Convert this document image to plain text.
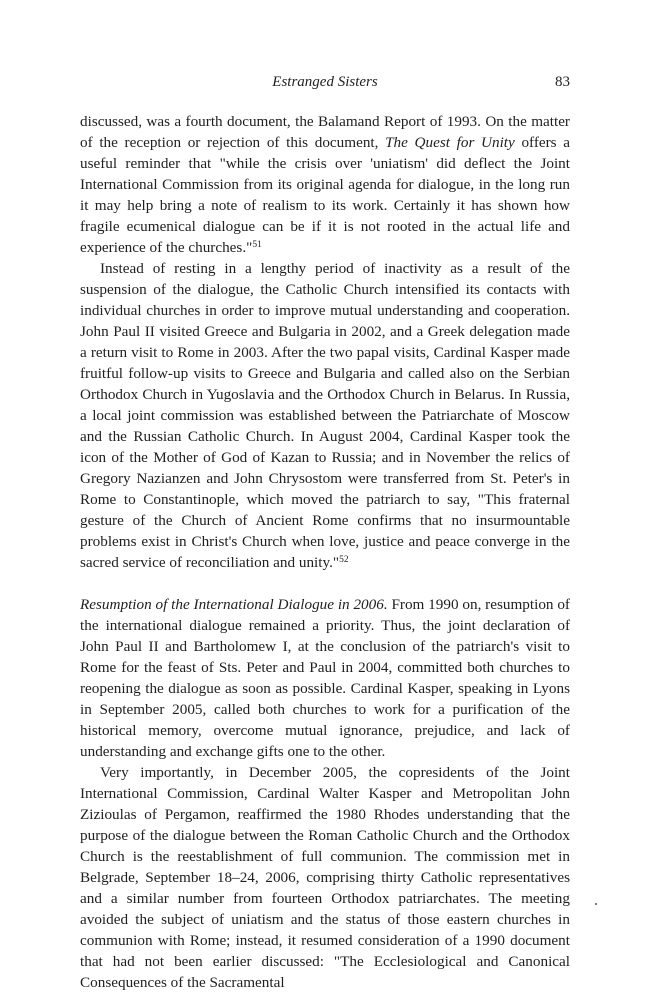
Estranged Sisters	83

discussed, was a fourth document, the Balamand Report of 1993. On the matter of the reception or rejection of this document, The Quest for Unity offers a useful reminder that "while the crisis over 'uniatism' did deflect the Joint International Commission from its original agenda for dialogue, in the long run it may help bring a note of realism to its work. Certainly it has shown how fragile ecumenical dialogue can be if it is not rooted in the actual life and experience of the churches."$^{51}$

Instead of resting in a lengthy period of inactivity as a result of the suspension of the dialogue, the Catholic Church intensified its contacts with individual churches in order to improve mutual understanding and cooperation. John Paul II visited Greece and Bulgaria in 2002, and a Greek delegation made a return visit to Rome in 2003. After the two papal visits, Cardinal Kasper made fruitful follow-up visits to Greece and Bulgaria and called also on the Serbian Orthodox Church in Yugoslavia and the Orthodox Church in Belarus. In Russia, a local joint commission was established between the Patriarchate of Moscow and the Russian Catholic Church. In August 2004, Cardinal Kasper took the icon of the Mother of God of Kazan to Russia; and in November the relics of Gregory Nazianzen and John Chrysostom were transferred from St. Peter's in Rome to Constantinople, which moved the patriarch to say, "This fraternal gesture of the Church of Ancient Rome confirms that no insurmountable problems exist in Christ's Church when love, justice and peace converge in the sacred service of reconciliation and unity."$^{52}$

Resumption of the International Dialogue in 2006. From 1990 on, resumption of the international dialogue remained a priority. Thus, the joint declaration of John Paul II and Bartholomew I, at the conclusion of the patriarch's visit to Rome for the feast of Sts. Peter and Paul in 2004, committed both churches to reopening the dialogue as soon as possible. Cardinal Kasper, speaking in Lyons in September 2005, called both churches to work for a purification of the historical memory, overcome mutual ignorance, prejudice, and lack of understanding and exchange gifts one to the other.

Very importantly, in December 2005, the copresidents of the Joint International Commission, Cardinal Walter Kasper and Metropolitan John Zizioulas of Pergamon, reaffirmed the 1980 Rhodes understanding that the purpose of the dialogue between the Roman Catholic Church and the Orthodox Church is the reestablishment of full communion. The commission met in Belgrade, September 18–24, 2006, comprising thirty Catholic representatives and a similar number from fourteen Orthodox patriarchates. The meeting avoided the subject of uniatism and the status of those eastern churches in communion with Rome; instead, it resumed consideration of a 1990 document that had not been earlier discussed: "The Ecclesiological and Canonical Consequences of the Sacramental
